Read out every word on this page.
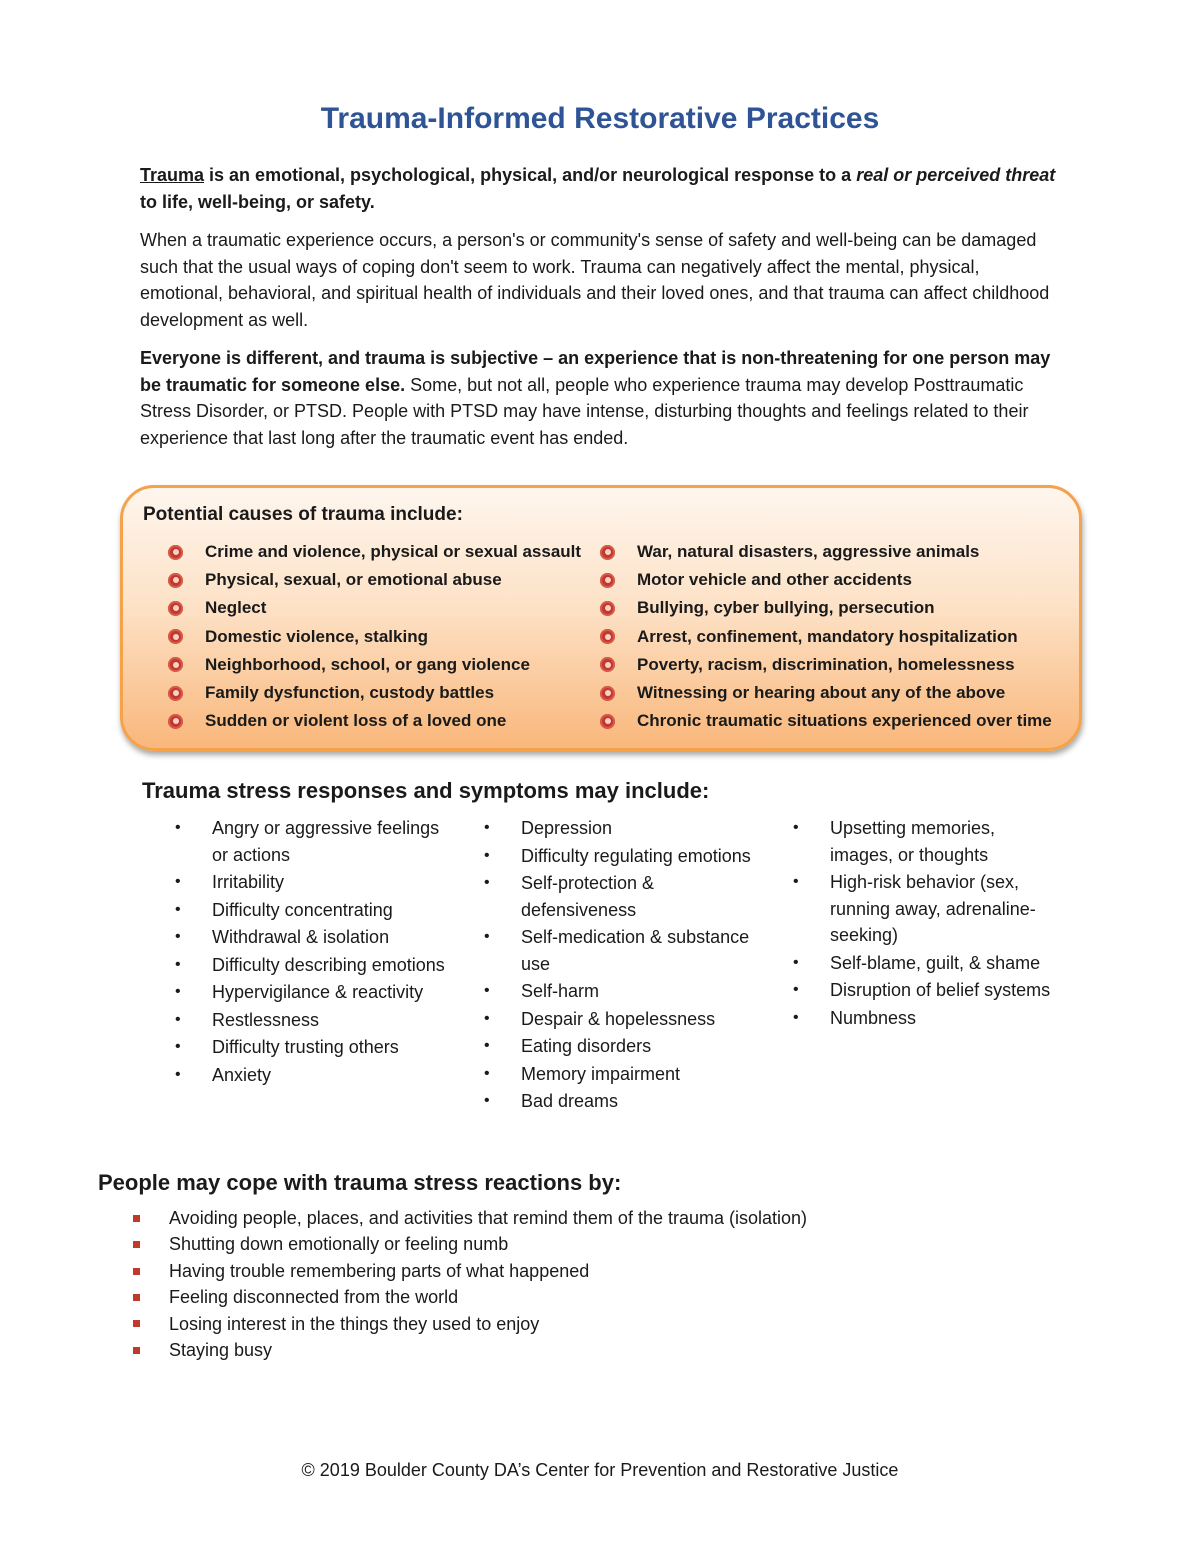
Trauma-Informed Restorative Practices

Trauma is an emotional, psychological, physical, and/or neurological response to a real or perceived threat to life, well-being, or safety.

When a traumatic experience occurs, a person's or community's sense of safety and well-being can be damaged such that the usual ways of coping don't seem to work. Trauma can negatively affect the mental, physical, emotional, behavioral, and spiritual health of individuals and their loved ones, and that trauma can affect childhood development as well.

Everyone is different, and trauma is subjective – an experience that is non-threatening for one person may be traumatic for someone else. Some, but not all, people who experience trauma may develop Posttraumatic Stress Disorder, or PTSD. People with PTSD may have intense, disturbing thoughts and feelings related to their experience that last long after the traumatic event has ended.

Potential causes of trauma include:
Crime and violence, physical or sexual assault
Physical, sexual, or emotional abuse
Neglect
Domestic violence, stalking
Neighborhood, school, or gang violence
Family dysfunction, custody battles
Sudden or violent loss of a loved one
War, natural disasters, aggressive animals
Motor vehicle and other accidents
Bullying, cyber bullying, persecution
Arrest, confinement, mandatory hospitalization
Poverty, racism, discrimination, homelessness
Witnessing or hearing about any of the above
Chronic traumatic situations experienced over time
Trauma stress responses and symptoms may include:
• Angry or aggressive feelings or actions
• Irritability
• Difficulty concentrating
• Withdrawal & isolation
• Difficulty describing emotions
• Hypervigilance & reactivity
• Restlessness
• Difficulty trusting others
• Anxiety
• Depression
• Difficulty regulating emotions
• Self-protection & defensiveness
• Self-medication & substance use
• Self-harm
• Despair & hopelessness
• Eating disorders
• Memory impairment
• Bad dreams
• Upsetting memories, images, or thoughts
• High-risk behavior (sex, running away, adrenaline-seeking)
• Self-blame, guilt, & shame
• Disruption of belief systems
• Numbness
People may cope with trauma stress reactions by:
Avoiding people, places, and activities that remind them of the trauma (isolation)
Shutting down emotionally or feeling numb
Having trouble remembering parts of what happened
Feeling disconnected from the world
Losing interest in the things they used to enjoy
Staying busy
© 2019 Boulder County DA’s Center for Prevention and Restorative Justice
